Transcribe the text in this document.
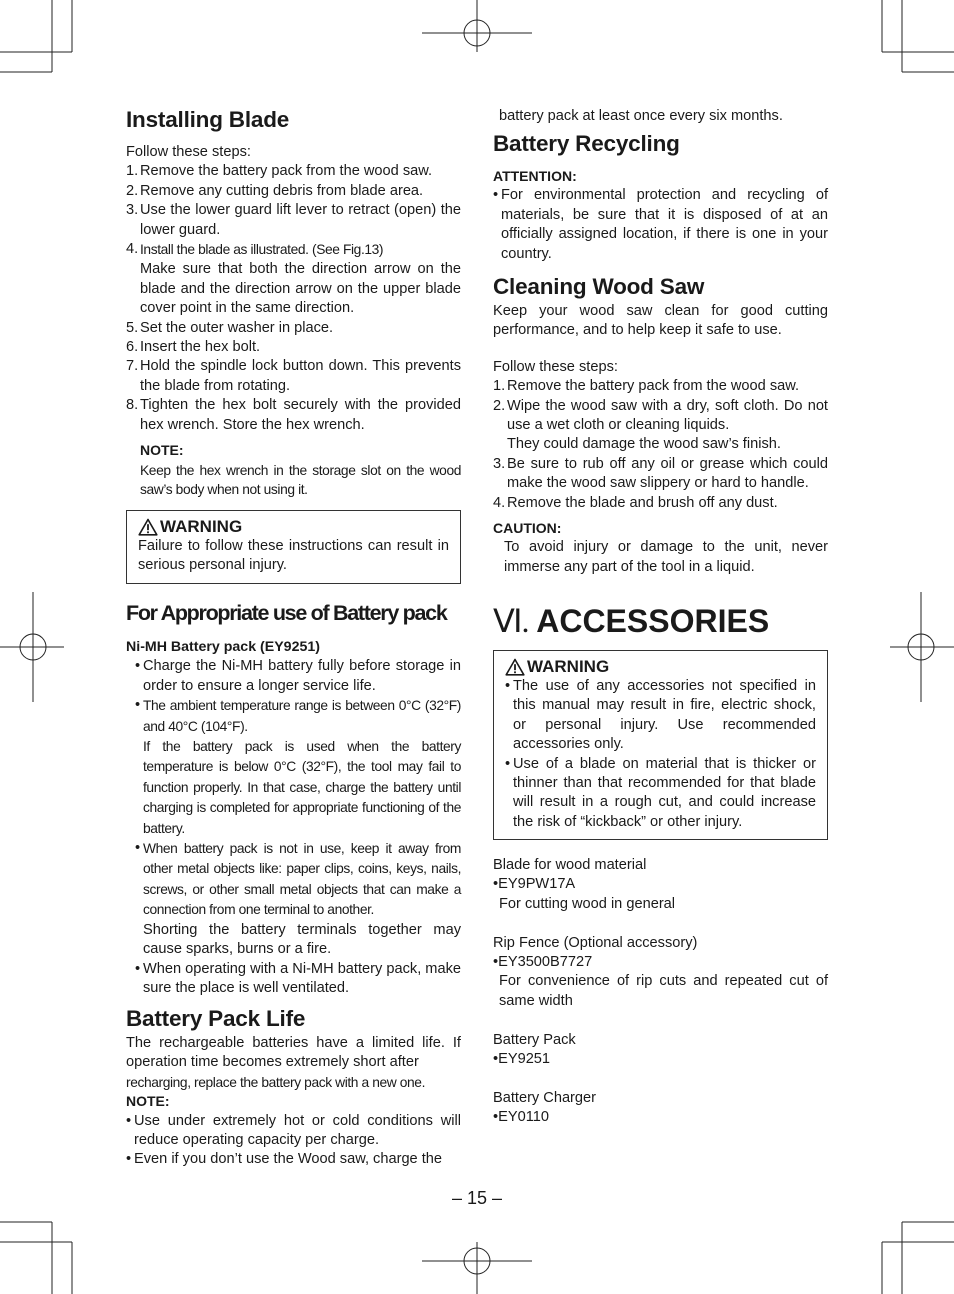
Installing Blade

Follow these steps:

1. Remove the battery pack from the wood saw.
2. Remove any cutting debris from blade area.
3. Use the lower guard lift lever to retract (open) the lower guard.
4. Install the blade as illustrated. (See Fig.13)
Make sure that both the direction arrow on the blade and the direction arrow on the upper blade cover point in the same direction.
5. Set the outer washer in place.
6. Insert the hex bolt.
7. Hold the spindle lock button down. This prevents the blade from rotating.
8. Tighten the hex bolt securely with the provided hex wrench. Store the hex wrench.

NOTE:

Keep the hex wrench in the storage slot on the wood saw’s body when not using it.

WARNING

Failure to follow these instructions can result in serious personal injury.

For Appropriate use of Battery pack

Ni-MH Battery pack (EY9251)

• Charge the Ni-MH battery fully before storage in order to ensure a longer service life.
• The ambient temperature range is between 0°C (32°F) and 40°C (104°F).
If the battery pack is used when the battery temperature is below 0°C (32°F), the tool may fail to function properly. In that case, charge the battery until charging is completed for appropriate functioning of the battery.
• When battery pack is not in use, keep it away from other metal objects like: paper clips, coins, keys, nails, screws, or other small metal objects that can make a connection from one terminal to another.
Shorting the battery terminals together may cause sparks, burns or a fire.
• When operating with a Ni-MH battery pack, make sure the place is well ventilated.
Battery Pack Life

The rechargeable batteries have a limited life. If operation time becomes extremely short after

recharging, replace the battery pack with a new one.

NOTE:

• Use under extremely hot or cold conditions will reduce operating capacity per charge.
• Even if you don’t use the Wood saw, charge the

battery pack at least once every six months.

Battery Recycling

ATTENTION:

• For environmental protection and recycling of materials, be sure that it is disposed of at an officially assigned location, if there is one in your country.
Cleaning Wood Saw

Keep your wood saw clean for good cutting performance, and to help keep it safe to use.

Follow these steps:

1. Remove the battery pack from the wood saw.
2. Wipe the wood saw with a dry, soft cloth. Do not use a wet cloth or cleaning liquids.
They could damage the wood saw’s finish.
3. Be sure to rub off any oil or grease which could make the wood saw slippery or hard to handle.
4. Remove the blade and brush off any dust.

CAUTION:

To avoid injury or damage to the unit, never immerse any part of the tool in a liquid.

Ⅵ. ACCESSORIES
WARNING
• The use of any accessories not specified in this manual may result in fire, electric shock, or personal injury. Use recommended accessories only.
• Use of a blade on material that is thicker or thinner than that recommended for that blade will result in a rough cut, and could increase the risk of “kickback” or other injury.

Blade for wood material

•EY9PW17A

For cutting wood in general

Rip Fence (Optional accessory)

•EY3500B7727

For convenience of rip cuts and repeated cut of same width

Battery Pack

•EY9251

Battery Charger

•EY0110

– 15 –
